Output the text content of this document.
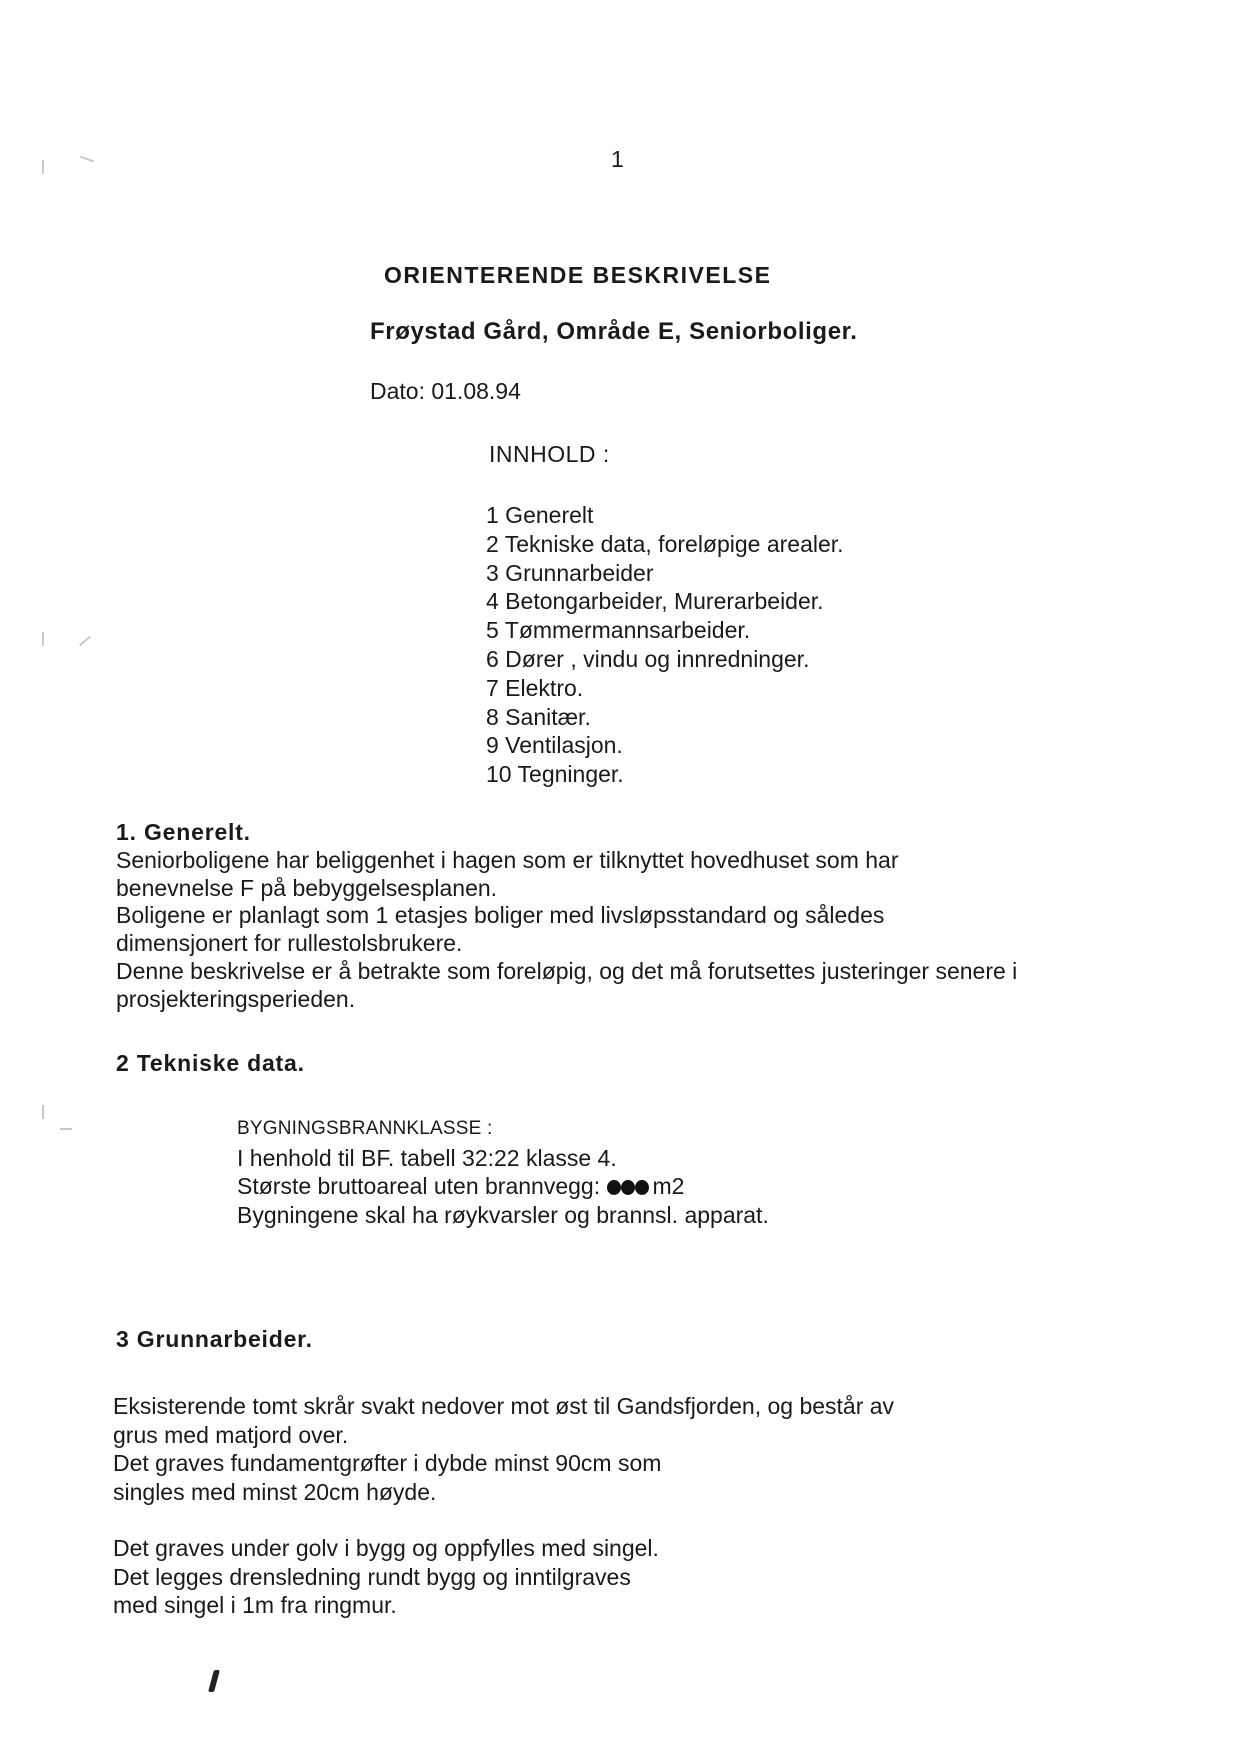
1
ORIENTERENDE BESKRIVELSE
Frøystad Gård, Område E, Seniorboliger.
Dato: 01.08.94
INNHOLD :
1 Generelt
2 Tekniske data, foreløpige arealer.
3 Grunnarbeider
4 Betongarbeider, Murerarbeider.
5 Tømmermannsarbeider.
6 Dører , vindu og innredninger.
7 Elektro.
8 Sanitær.
9 Ventilasjon.
10 Tegninger.
1. Generelt.

Seniorboligene har beliggenhet i hagen som er tilknyttet hovedhuset som har

benevnelse F på bebyggelsesplanen.

Boligene er planlagt som 1 etasjes boliger med livsløpsstandard og således

dimensjonert for rullestolsbrukere.

Denne beskrivelse er å betrakte som foreløpig, og det må forutsettes justeringer senere i

prosjekteringsperieden.

2 Tekniske data.
BYGNINGSBRANNKLASSE :

I henhold til BF. tabell 32:22 klasse 4.

Største bruttoareal uten brannvegg:
m2

Bygningene skal ha røykvarsler og brannsl. apparat.

3 Grunnarbeider.

Eksisterende tomt skrår svakt nedover mot øst til Gandsfjorden, og består av

grus med matjord over.

Det graves fundamentgrøfter i dybde minst 90cm som

singles med minst 20cm høyde.

Det graves under golv i bygg og oppfylles med singel.

Det legges drensledning rundt bygg og inntilgraves

med singel i 1m fra ringmur.
